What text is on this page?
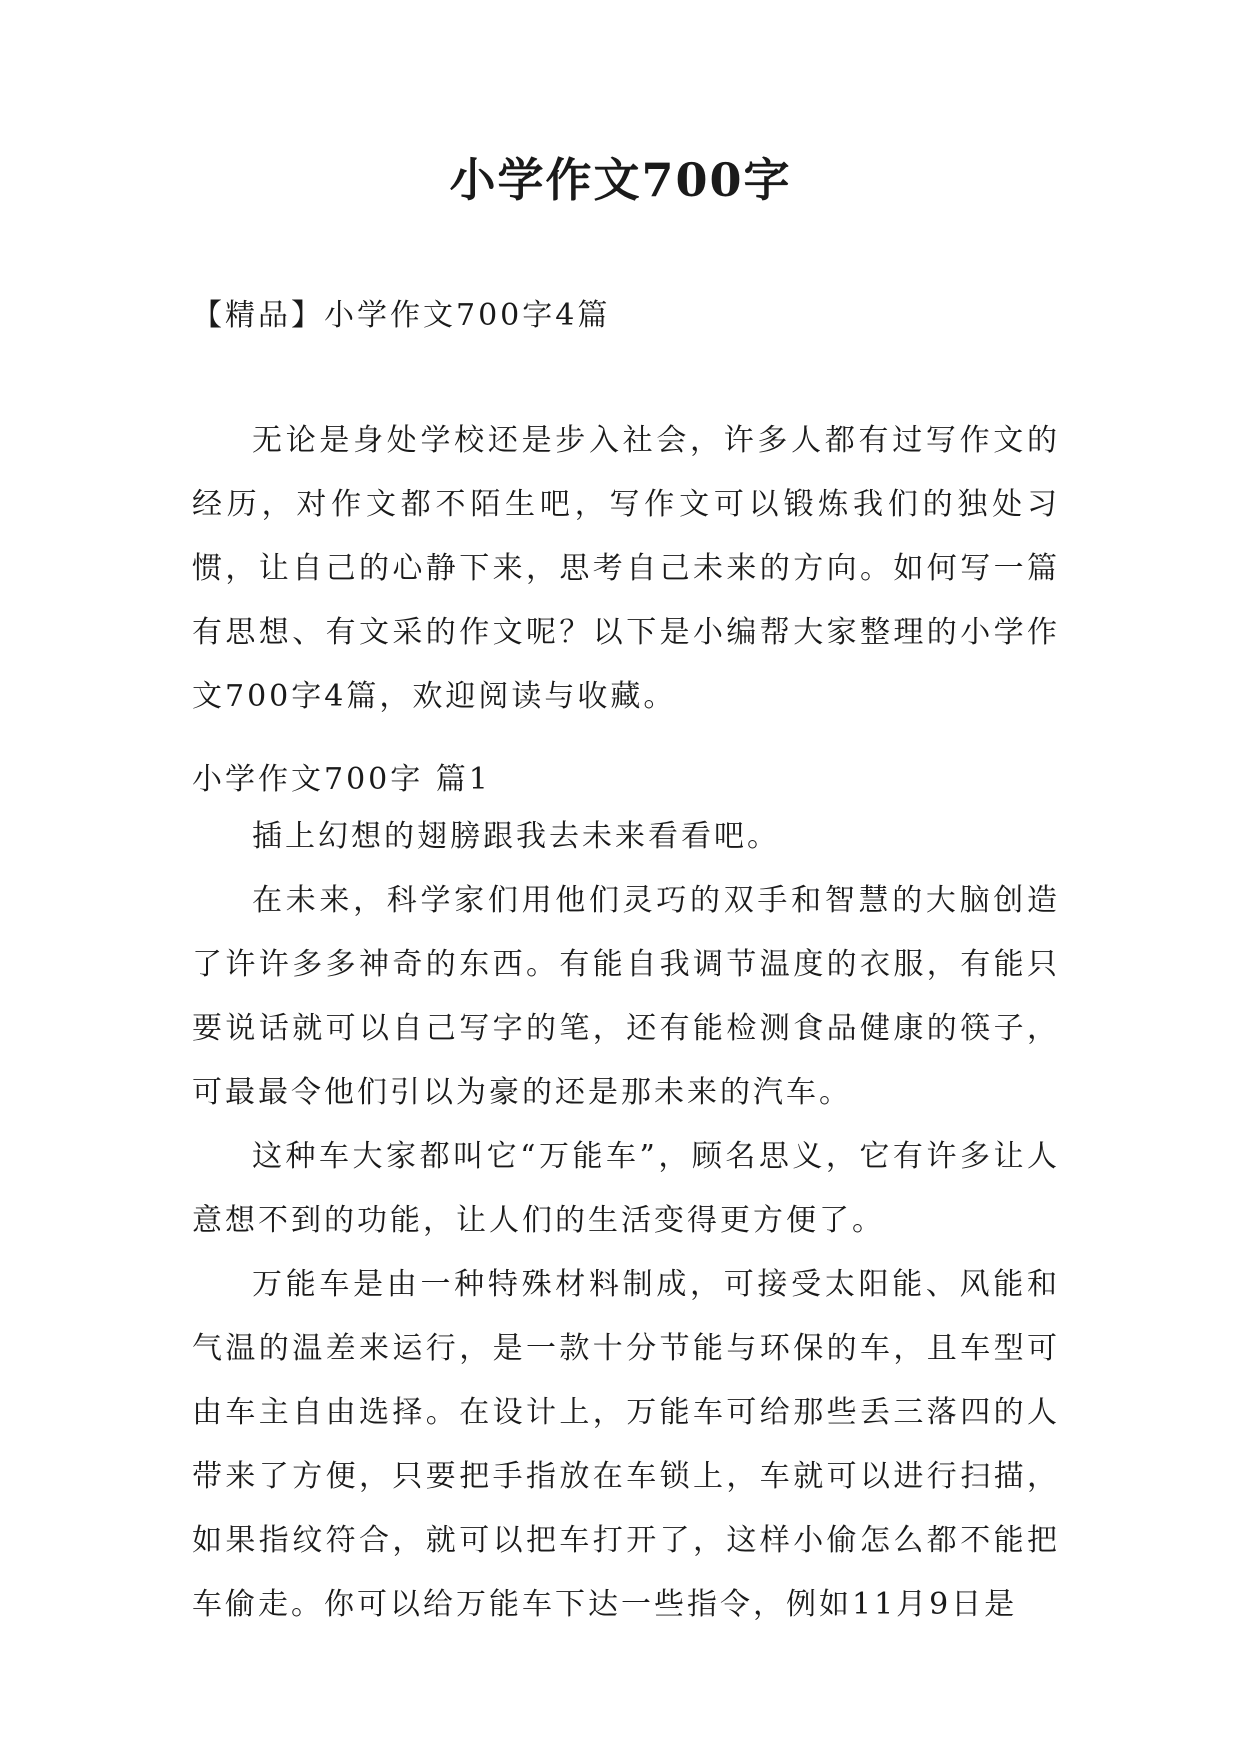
小学作文700字

【精品】小学作文700字4篇

无论是身处学校还是步入社会，许多人都有过写作文的经历，对作文都不陌生吧，写作文可以锻炼我们的独处习惯，让自己的心静下来，思考自己未来的方向。如何写一篇有思想、有文采的作文呢？以下是小编帮大家整理的小学作文700字4篇，欢迎阅读与收藏。

小学作文700字 篇1

插上幻想的翅膀跟我去未来看看吧。

在未来，科学家们用他们灵巧的双手和智慧的大脑创造了许许多多神奇的东西。有能自我调节温度的衣服，有能只要说话就可以自己写字的笔，还有能检测食品健康的筷子，可最最令他们引以为豪的还是那未来的汽车。

这种车大家都叫它“万能车”，顾名思义，它有许多让人意想不到的功能，让人们的生活变得更方便了。

万能车是由一种特殊材料制成，可接受太阳能、风能和气温的温差来运行，是一款十分节能与环保的车，且车型可由车主自由选择。在设计上，万能车可给那些丢三落四的人带来了方便，只要把手指放在车锁上，车就可以进行扫描，如果指纹符合，就可以把车打开了，这样小偷怎么都不能把车偷走。你可以给万能车下达一些指令，例如11月9日是
